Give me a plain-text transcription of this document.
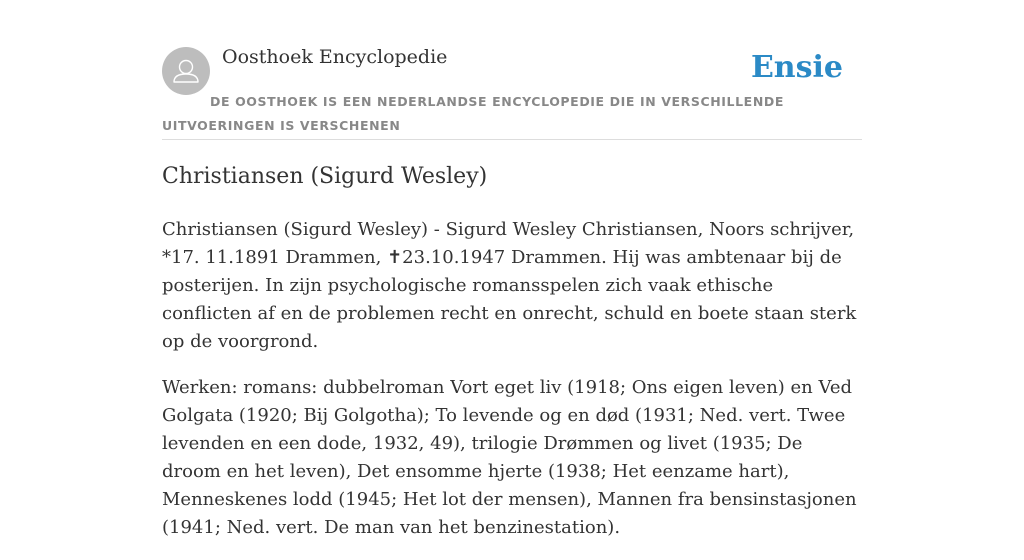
Oosthoek Encyclopedie	Ensie
DE OOSTHOEK IS EEN NEDERLANDSE ENCYCLOPEDIE DIE IN VERSCHILLENDE UITVOERINGEN IS VERSCHENEN
Christiansen (Sigurd Wesley)

Christiansen (Sigurd Wesley) - Sigurd Wesley Christiansen, Noors schrijver, *17. 11.1891 Drammen, ✝23.10.1947 Drammen. Hij was ambtenaar bij de posterijen. In zijn psychologische romansspelen zich vaak ethische conflicten af en de problemen recht en onrecht, schuld en boete staan sterk op de voorgrond.

Werken: romans: dubbelroman Vort eget liv (1918; Ons eigen leven) en Ved Golgata (1920; Bij Golgotha); To levende og en død (1931; Ned. vert. Twee levenden en een dode, 1932, 49), trilogie Drømmen og livet (1935; De droom en het leven), Det ensomme hjerte (1938; Het eenzame hart), Menneskenes lodd (1945; Het lot der mensen), Mannen fra bensinstasjonen (1941; Ned. vert. De man van het benzinestation).
